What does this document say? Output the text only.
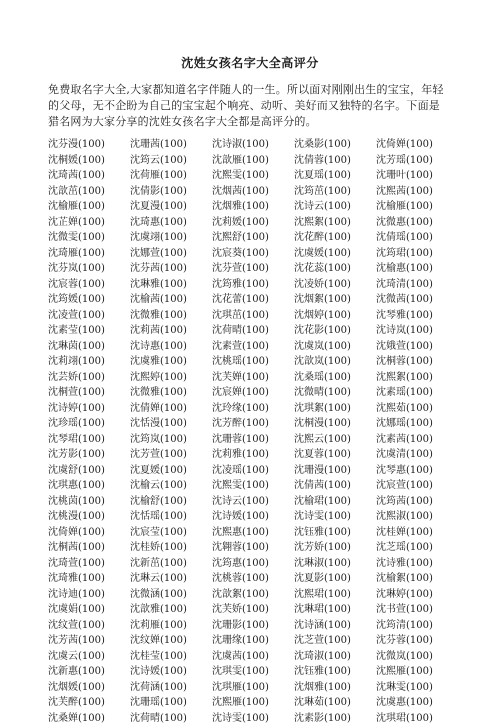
沈姓女孩名字大全高评分
免费取名字大全,大家都知道名字伴随人的一生。所以面对刚刚出生的宝宝，年轻的父母，无不企盼为自己的宝宝起个响亮、动听、美好而又独特的名字。下面是猎名网为大家分享的沈姓女孩名字大全都是高评分的。
沈芬漫(100)	沈珊茜(100)	沈诗淑(100)	沈桑影(100)	沈倚婵(100)
沈桐媛(100)	沈筠云(100)	沈歆雁(100)	沈倩蓉(100)	沈芳瑶(100)
沈琦茜(100)	沈荷雁(100)	沈熙雯(100)	沈夏瑶(100)	沈珊叶(100)
沈歆茁(100)	沈倩影(100)	沈烟茜(100)	沈筠茁(100)	沈熙茜(100)
沈榆雁(100)	沈夏漫(100)	沈烟雅(100)	沈诗云(100)	沈榆雁(100)
沈芷婵(100)	沈琦惠(100)	沈莉媛(100)	沈熙絮(100)	沈微惠(100)
沈微雯(100)	沈虞翊(100)	沈熙舒(100)	沈花醉(100)	沈倩瑶(100)
沈琦雁(100)	沈娜萱(100)	沈宸葵(100)	沈虞媛(100)	沈筠珺(100)
沈芬岚(100)	沈芬茜(100)	沈芬萱(100)	沈花蕊(100)	沈榆惠(100)
沈宸蓉(100)	沈琳雅(100)	沈筠雅(100)	沈凌娇(100)	沈琦清(100)
沈筠媛(100)	沈榆茜(100)	沈花蕾(100)	沈烟絮(100)	沈微茜(100)
沈凌萱(100)	沈微雅(100)	沈琪茁(100)	沈烟婷(100)	沈琴雅(100)
沈素莹(100)	沈莉茜(100)	沈荷晴(100)	沈花影(100)	沈诗岚(100)
沈琳茵(100)	沈诗惠(100)	沈素萱(100)	沈虞岚(100)	沈娥萱(100)
沈莉翊(100)	沈虞雅(100)	沈桃瑶(100)	沈歆岚(100)	沈桐蓉(100)
沈芸娇(100)	沈熙婷(100)	沈芙婵(100)	沈桑瑶(100)	沈熙絮(100)
沈桐萱(100)	沈微雅(100)	沈宸婵(100)	沈微晴(100)	沈素瑶(100)
沈诗婷(100)	沈倩婵(100)	沈玲缘(100)	沈琪絮(100)	沈熙茹(100)
沈珍瑶(100)	沈恬漫(100)	沈芳醉(100)	沈桐漫(100)	沈娜瑶(100)
沈琴珺(100)	沈筠岚(100)	沈珊蓉(100)	沈熙云(100)	沈素茜(100)
沈芳影(100)	沈芳萱(100)	沈莉雅(100)	沈夏蓉(100)	沈虞清(100)
沈虞舒(100)	沈夏媛(100)	沈凌瑶(100)	沈珊漫(100)	沈琴惠(100)
沈琪惠(100)	沈榆云(100)	沈熙雯(100)	沈倩茜(100)	沈宸萱(100)
沈桃茵(100)	沈榆舒(100)	沈诗云(100)	沈榆珺(100)	沈筠茜(100)
沈桃漫(100)	沈恬瑶(100)	沈诗媛(100)	沈诗雯(100)	沈熙淑(100)
沈倚婵(100)	沈宸莹(100)	沈熙惠(100)	沈钰雅(100)	沈桂婵(100)
沈桐茜(100)	沈桂娇(100)	沈翱蓉(100)	沈芳娇(100)	沈芝瑶(100)
沈琦萱(100)	沈新茁(100)	沈筠惠(100)	沈琳淑(100)	沈诗雅(100)
沈琦雅(100)	沈琳云(100)	沈桃蓉(100)	沈夏影(100)	沈榆絮(100)
沈诗迪(100)	沈微涵(100)	沈歆絮(100)	沈熙珺(100)	沈琳婷(100)
沈虞娟(100)	沈歆雅(100)	沈芙娇(100)	沈琳珺(100)	沈书萱(100)
沈纹萱(100)	沈莉雁(100)	沈珊影(100)	沈诗涵(100)	沈筠清(100)
沈芳茜(100)	沈纹婵(100)	沈珊缘(100)	沈芝萱(100)	沈芬蓉(100)
沈虞云(100)	沈桂莹(100)	沈虞茜(100)	沈琦淑(100)	沈微岚(100)
沈新惠(100)	沈诗媛(100)	沈琪雯(100)	沈钰雅(100)	沈熙雁(100)
沈烟媛(100)	沈荷涵(100)	沈琪雁(100)	沈烟雅(100)	沈琳雯(100)
沈芙醉(100)	沈珊瑶(100)	沈熙雁(100)	沈琳茹(100)	沈虞惠(100)
沈桑婵(100)	沈荷晴(100)	沈诗雯(100)	沈素影(100)	沈琪珺(100)
